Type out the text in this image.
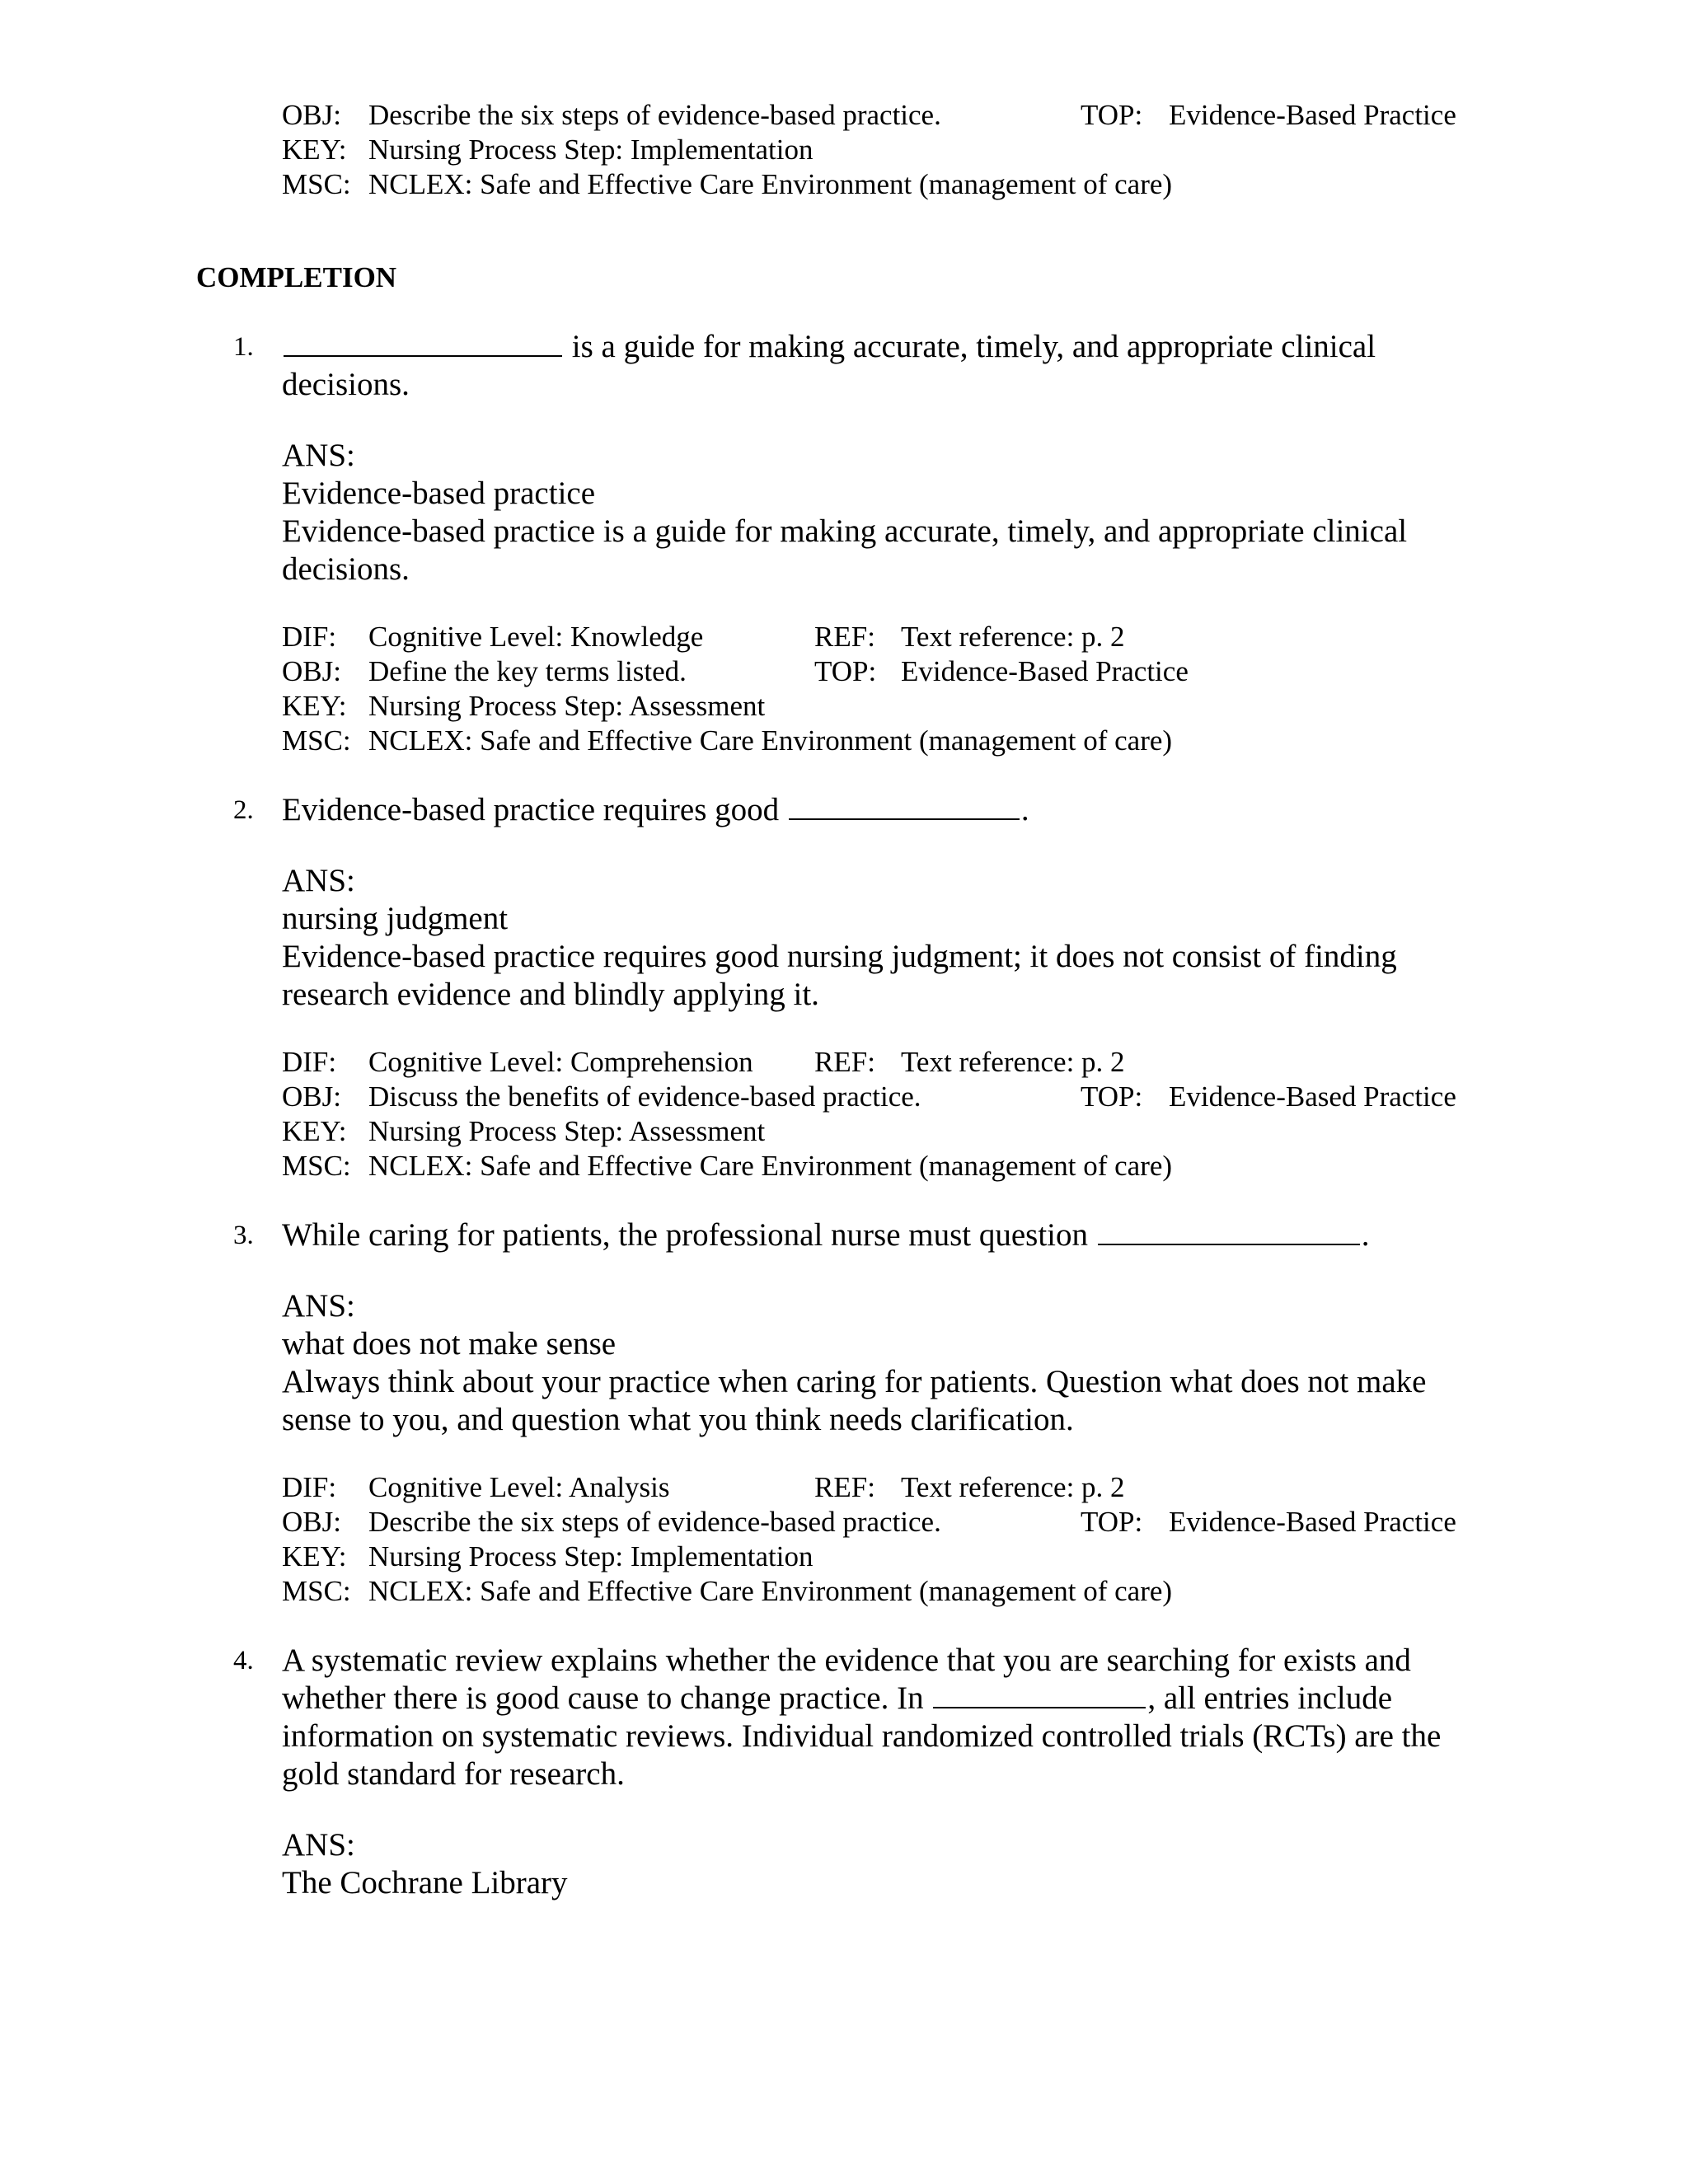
OBJ: Describe the six steps of evidence-based practice.	TOP: Evidence-Based Practice
KEY: Nursing Process Step: Implementation
MSC: NCLEX: Safe and Effective Care Environment (management of care)
COMPLETION
1.	is a guide for making accurate, timely, and appropriate clinical
decisions.
ANS:
Evidence-based practice
Evidence-based practice is a guide for making accurate, timely, and appropriate clinical
decisions.
DIF: Cognitive Level: Knowledge	REF: Text reference: p. 2
OBJ: Define the key terms listed.	TOP: Evidence-Based Practice
KEY: Nursing Process Step: Assessment
MSC: NCLEX: Safe and Effective Care Environment (management of care)
2. Evidence-based practice requires good	.
ANS:
nursing judgment
Evidence-based practice requires good nursing judgment; it does not consist of finding
research evidence and blindly applying it.
DIF: Cognitive Level: Comprehension REF: Text reference: p. 2
OBJ: Discuss the benefits of evidence-based practice.	TOP: Evidence-Based Practice
KEY: Nursing Process Step: Assessment
MSC: NCLEX: Safe and Effective Care Environment (management of care)
3. While caring for patients, the professional nurse must question	.
ANS:
what does not make sense
Always think about your practice when caring for patients. Question what does not make
sense to you, and question what you think needs clarification.
DIF: Cognitive Level: Analysis	REF: Text reference: p. 2
OBJ: Describe the six steps of evidence-based practice.	TOP: Evidence-Based Practice
KEY: Nursing Process Step: Implementation
MSC: NCLEX: Safe and Effective Care Environment (management of care)
4. A systematic review explains whether the evidence that you are searching for exists and
whether there is good cause to change practice. In	, all entries include
information on systematic reviews. Individual randomized controlled trials (RCTs) are the
gold standard for research.
ANS:
The Cochrane Library
